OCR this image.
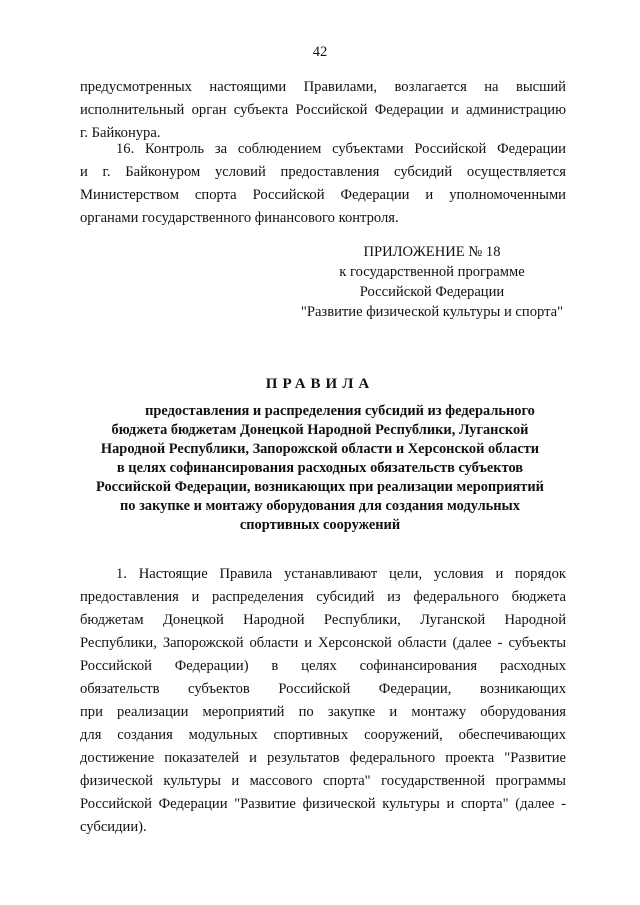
42
предусмотренных настоящими Правилами, возлагается на высший
исполнительный орган субъекта Российской Федерации и администрацию
г. Байконура.
16. Контроль за соблюдением субъектами Российской Федерации
и г. Байконуром условий предоставления субсидий осуществляется
Министерством спорта Российской Федерации и уполномоченными
органами государственного финансового контроля.
ПРИЛОЖЕНИЕ № 18
к государственной программе
Российской Федерации
"Развитие физической культуры и спорта"
ПРАВИЛА
предоставления и распределения субсидий из федерального
бюджета бюджетам Донецкой Народной Республики, Луганской
Народной Республики, Запорожской области и Херсонской области
в целях софинансирования расходных обязательств субъектов
Российской Федерации, возникающих при реализации мероприятий
по закупке и монтажу оборудования для создания модульных
спортивных сооружений
1. Настоящие Правила устанавливают цели, условия и порядок
предоставления и распределения субсидий из федерального бюджета
бюджетам Донецкой Народной Республики, Луганской Народной
Республики, Запорожской области и Херсонской области (далее - субъекты
Российской Федерации) в целях софинансирования расходных
обязательств субъектов Российской Федерации, возникающих
при реализации мероприятий по закупке и монтажу оборудования
для создания модульных спортивных сооружений, обеспечивающих
достижение показателей и результатов федерального проекта "Развитие
физической культуры и массового спорта" государственной программы
Российской Федерации "Развитие физической культуры и спорта" (далее -
субсидии).
